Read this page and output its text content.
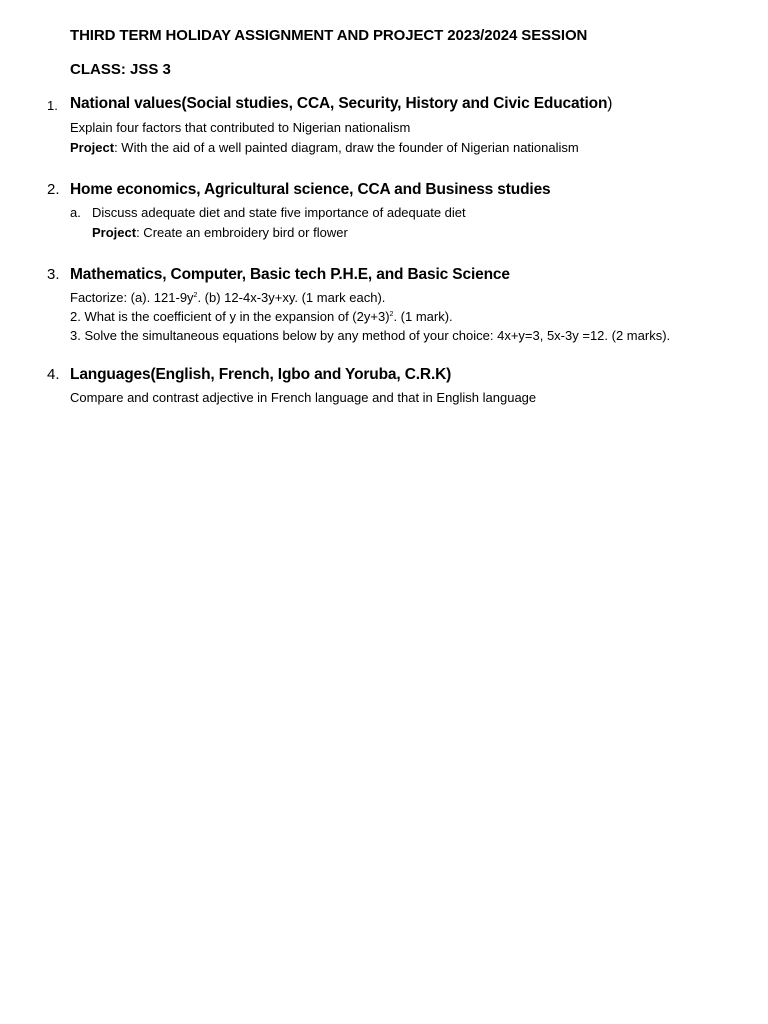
THIRD TERM HOLIDAY ASSIGNMENT AND PROJECT 2023/2024 SESSION
CLASS: JSS 3
1. National values(Social studies, CCA, Security, History and Civic Education)
Explain four factors that contributed to Nigerian nationalism
Project: With the aid of a well painted diagram, draw the founder of Nigerian nationalism
2. Home economics, Agricultural science, CCA and Business studies
a. Discuss adequate diet and state five importance of adequate diet
Project: Create an embroidery bird or flower
3. Mathematics, Computer, Basic tech P.H.E, and Basic Science
Factorize: (a). $121-9y^2$. (b) 12-4x-3y+xy. (1 mark each).
2. What is the coefficient of y in the expansion of $(2y+3)^2$. (1 mark).
3. Solve the simultaneous equations below by any method of your choice: 4x+y=3, 5x-3y =12. (2 marks).
4. Languages(English, French, Igbo and Yoruba, C.R.K)
Compare and contrast adjective in French language and that in English language
